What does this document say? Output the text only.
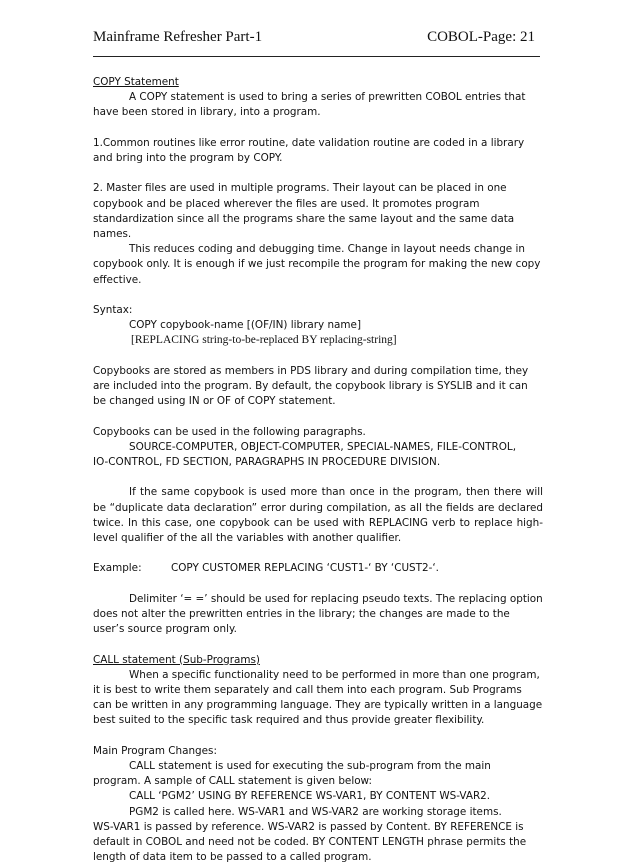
Mainframe Refresher Part-1	COBOL-Page: 21

COPY Statement
A COPY statement is used to bring a series of prewritten COBOL entries that
have been stored in library, into a program.

1.Common routines like error routine, date validation routine are coded in a library and bring into the program by COPY.

2. Master files are used in multiple programs. Their layout can be placed in one copybook and be placed wherever the files are used. It promotes program standardization since all the programs share the same layout and the same data names.

This reduces coding and debugging time. Change in layout needs change in copybook only. It is enough if we just recompile the program for making the new copy effective.

Syntax:
COPY copybook-name [(OF/IN) library name]
[REPLACING string-to-be-replaced BY replacing-string]

Copybooks are stored as members in PDS library and during compilation time, they are included into the program. By default, the copybook library is SYSLIB and it can be changed using IN or OF of COPY statement.

Copybooks can be used in the following paragraphs.
SOURCE-COMPUTER, OBJECT-COMPUTER, SPECIAL-NAMES, FILE-CONTROL,
IO-CONTROL, FD SECTION, PARAGRAPHS IN PROCEDURE DIVISION.

If the same copybook is used more than once in the program, then there will be “duplicate data declaration” error during compilation, as all the fields are declared twice. In this case, one copybook can be used with REPLACING verb to replace high-level qualifier of the all the variables with another qualifier.

Example:	COPY CUSTOMER REPLACING ‘CUST1-‘ BY ‘CUST2-‘.

Delimiter ‘= =’ should be used for replacing pseudo texts. The replacing option does not alter the prewritten entries in the library; the changes are made to the user’s source program only.

CALL statement (Sub-Programs)

When a specific functionality need to be performed in more than one program, it is best to write them separately and call them into each program. Sub Programs can be written in any programming language. They are typically written in a language best suited to the specific task required and thus provide greater flexibility.

Main Program Changes:
CALL statement is used for executing the sub-program from the main
program. A sample of CALL statement is given below:
CALL ‘PGM2’ USING BY REFERENCE WS-VAR1, BY CONTENT WS-VAR2.
PGM2 is called here. WS-VAR1 and WS-VAR2 are working storage items.
WS-VAR1 is passed by reference. WS-VAR2 is passed by Content. BY REFERENCE is default in COBOL and need not be coded. BY CONTENT LENGTH phrase permits the length of data item to be passed to a called program.
